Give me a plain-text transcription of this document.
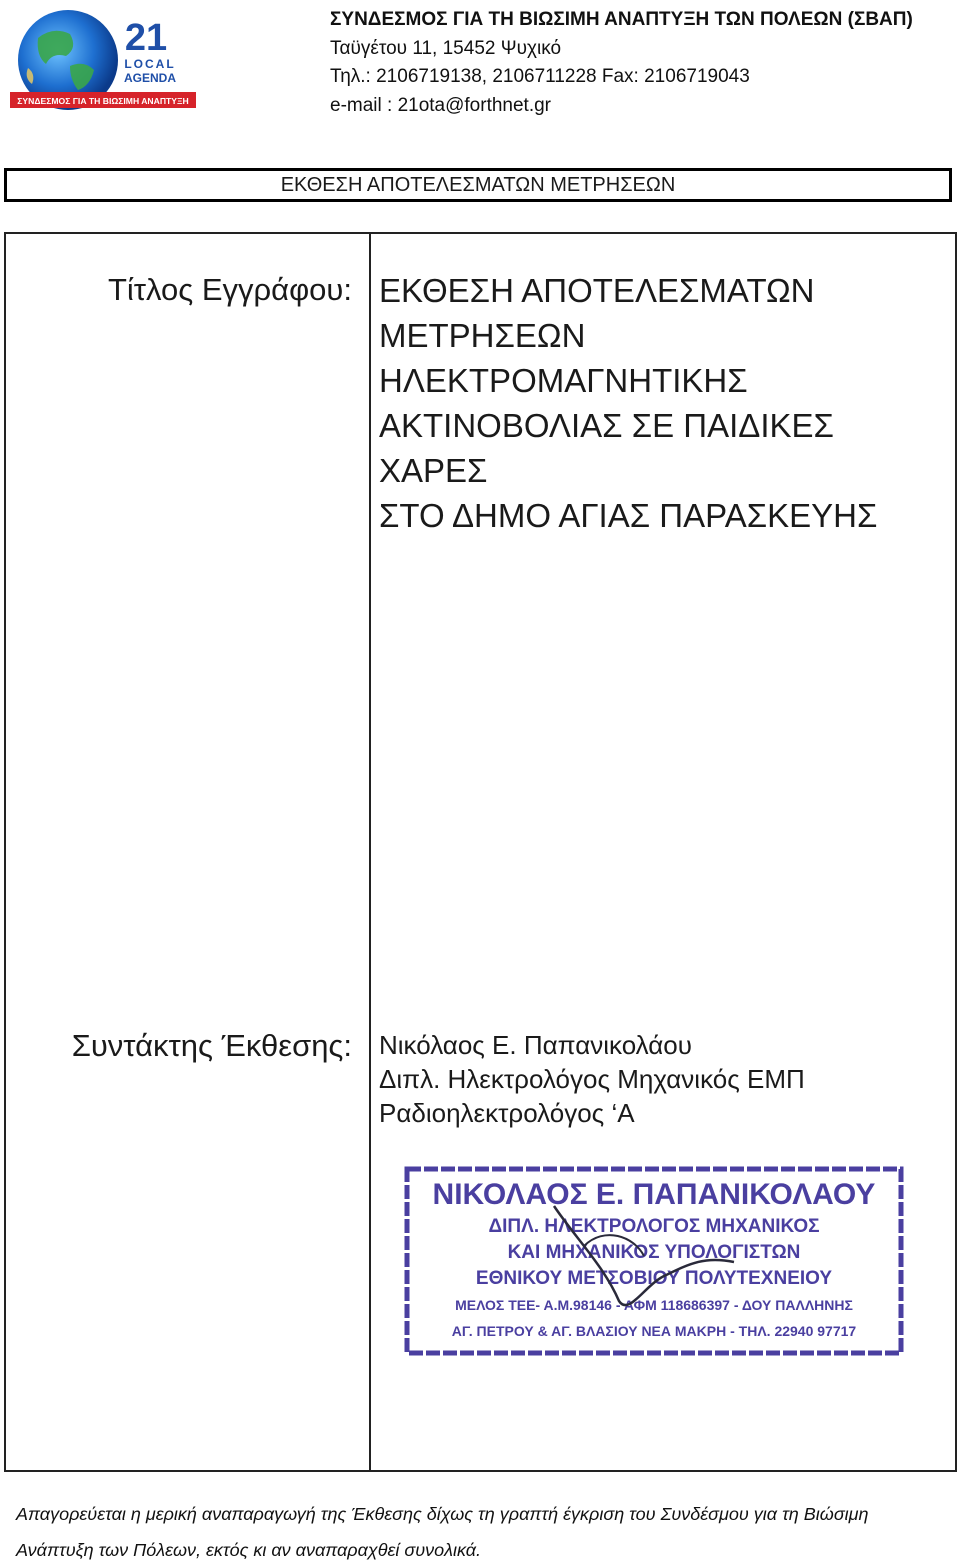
21
LOCAL
AGENDA
ΣΥΝΔΕΣΜΟΣ ΓΙΑ ΤΗ ΒΙΩΣΙΜΗ ΑΝΑΠΤΥΞΗ
ΣΥΝΔΕΣΜΟΣ ΓΙΑ ΤΗ ΒΙΩΣΙΜΗ ΑΝΑΠΤΥΞΗ ΤΩΝ ΠΟΛΕΩΝ (ΣΒΑΠ)
Ταϋγέτου 11, 15452 Ψυχικό
Τηλ.: 2106719138, 2106711228 Fax: 2106719043
e-mail : 21ota@forthnet.gr
ΕΚΘΕΣΗ ΑΠΟΤΕΛΕΣΜΑΤΩΝ ΜΕΤΡΗΣΕΩΝ
Τίτλος Εγγράφου: ΕΚΘΕΣΗ ΑΠΟΤΕΛΕΣΜΑΤΩΝ
ΜΕΤΡΗΣΕΩΝ ΗΛΕΚΤΡΟΜΑΓΝΗΤΙΚΗΣ
ΑΚΤΙΝΟΒΟΛΙΑΣ ΣΕ ΠΑΙΔΙΚΕΣ ΧΑΡΕΣ
ΣΤΟ ΔΗΜΟ ΑΓΙΑΣ ΠΑΡΑΣΚΕΥΗΣ
Συντάκτης Έκθεσης: Νικόλαος Ε. Παπανικολάου
Διπλ. Ηλεκτρολόγος Μηχανικός ΕΜΠ
Ραδιοηλεκτρολόγος ‘Α
ΝΙΚΟΛΑΟΣ Ε. ΠΑΠΑΝΙΚΟΛΑΟΥ
ΔΙΠΛ. ΗΛΕΚΤΡΟΛΟΓΟΣ ΜΗΧΑΝΙΚΟΣ
ΚΑΙ ΜΗΧΑΝΙΚΟΣ ΥΠΟΛΟΓΙΣΤΩΝ
ΕΘΝΙΚΟΥ ΜΕΤΣΟΒΙΟΥ ΠΟΛΥΤΕΧΝΕΙΟΥ
ΜΕΛΟΣ ΤΕΕ- Α.Μ.98146 - ΑΦΜ 118686397 - ΔΟΥ ΠΑΛΛΗΝΗΣ
ΑΓ. ΠΕΤΡΟΥ & ΑΓ. ΒΛΑΣΙΟΥ ΝΕΑ ΜΑΚΡΗ - ΤΗΛ. 22940 97717
Απαγορεύεται η μερική αναπαραγωγή της Έκθεσης δίχως τη γραπτή έγκριση του Συνδέσμου για τη Βιώσιμη
Ανάπτυξη των Πόλεων, εκτός κι αν αναπαραχθεί συνολικά.
